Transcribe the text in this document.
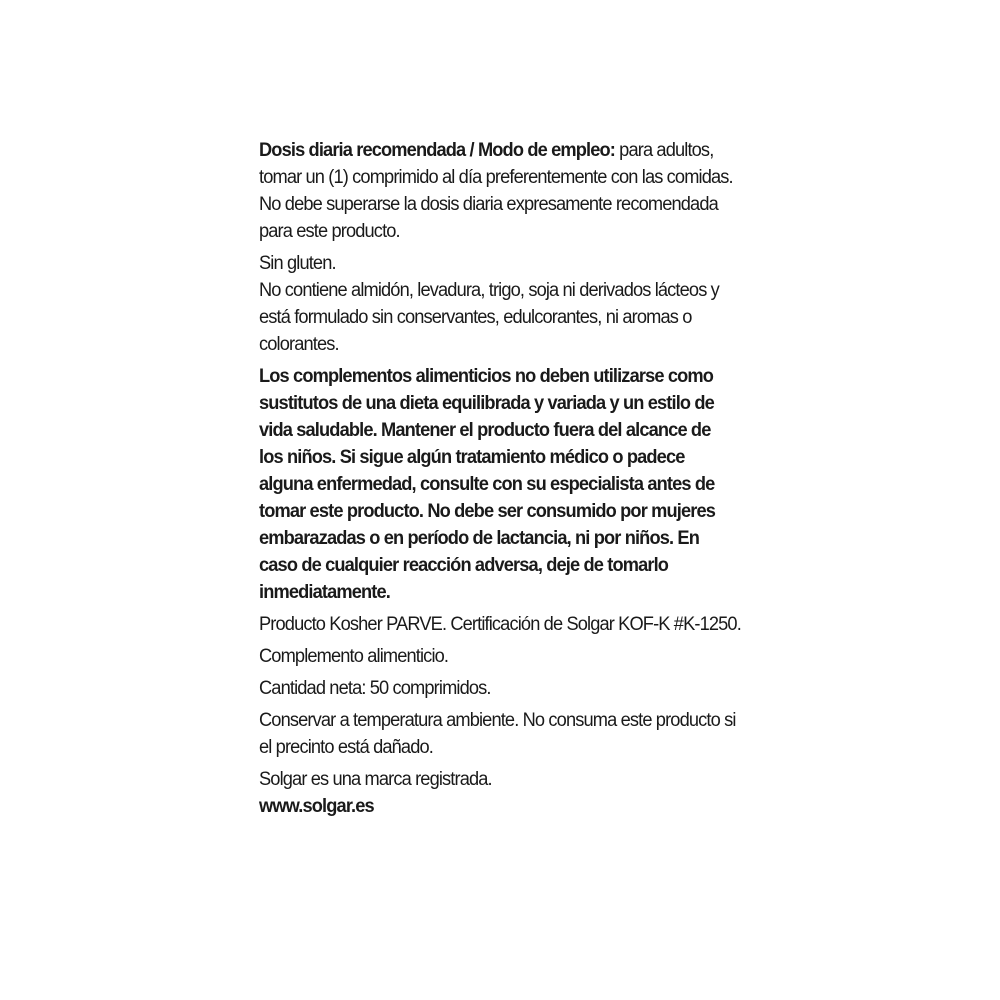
Dosis diaria recomendada / Modo de empleo: para adultos,
tomar un (1) comprimido al día preferentemente con las comidas.
No debe superarse la dosis diaria expresamente recomendada
para este producto.

Sin gluten.
No contiene almidón, levadura, trigo, soja ni derivados lácteos y
está formulado sin conservantes, edulcorantes, ni aromas o
colorantes.

Los complementos alimenticios no deben utilizarse como
sustitutos de una dieta equilibrada y variada y un estilo de
vida saludable. Mantener el producto fuera del alcance de
los niños. Si sigue algún tratamiento médico o padece
alguna enfermedad, consulte con su especialista antes de
tomar este producto. No debe ser consumido por mujeres
embarazadas o en período de lactancia, ni por niños. En
caso de cualquier reacción adversa, deje de tomarlo
inmediatamente.

Producto Kosher PARVE. Certificación de Solgar KOF-K #K-1250.

Complemento alimenticio.

Cantidad neta: 50 comprimidos.

Conservar a temperatura ambiente. No consuma este producto si
el precinto está dañado.

Solgar es una marca registrada.

www.solgar.es
